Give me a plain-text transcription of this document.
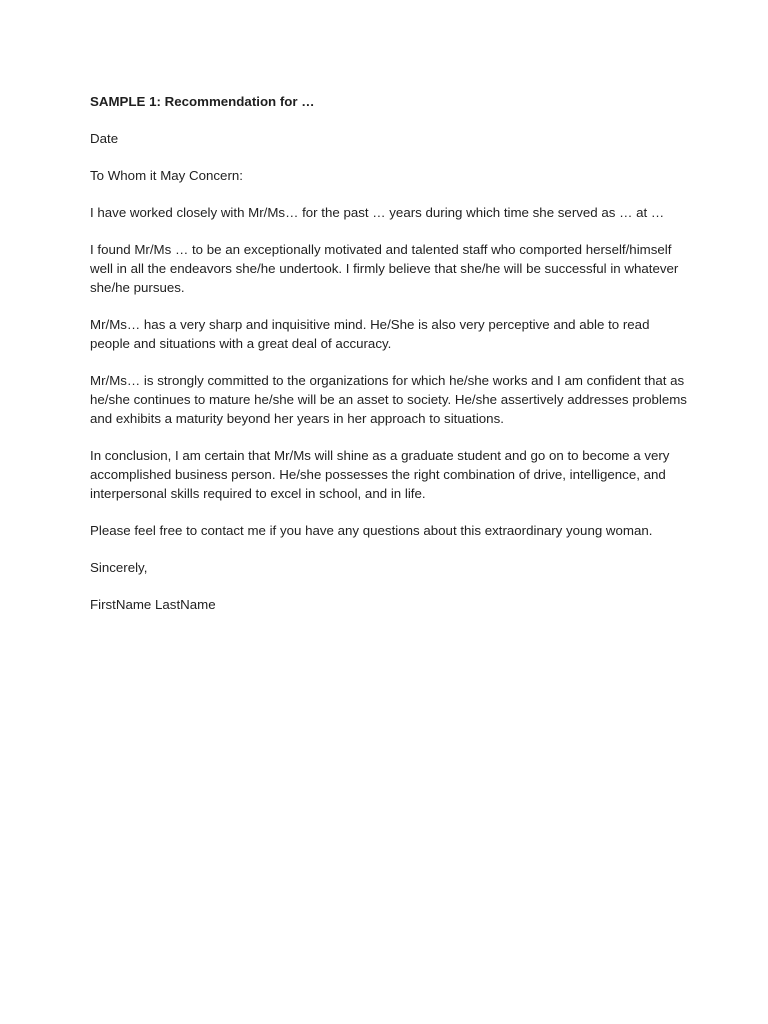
SAMPLE 1: Recommendation for …
Date
To Whom it May Concern:

I have worked closely with Mr/Ms… for the past … years during which time she served as … at …

I found Mr/Ms … to be an exceptionally motivated and talented staff who comported herself/himself well in all the endeavors she/he undertook. I firmly believe that she/he will be successful in whatever she/he pursues.

Mr/Ms… has a very sharp and inquisitive mind. He/She is also very perceptive and able to read people and situations with a great deal of accuracy.

Mr/Ms… is strongly committed to the organizations for which he/she works and I am confident that as he/she continues to mature he/she will be an asset to society. He/she assertively addresses problems and exhibits a maturity beyond her years in her approach to situations.

In conclusion, I am certain that Mr/Ms will shine as a graduate student and go on to become a very accomplished business person. He/she possesses the right combination of drive, intelligence, and interpersonal skills required to excel in school, and in life.

Please feel free to contact me if you have any questions about this extraordinary young woman.

Sincerely,
FirstName LastName
